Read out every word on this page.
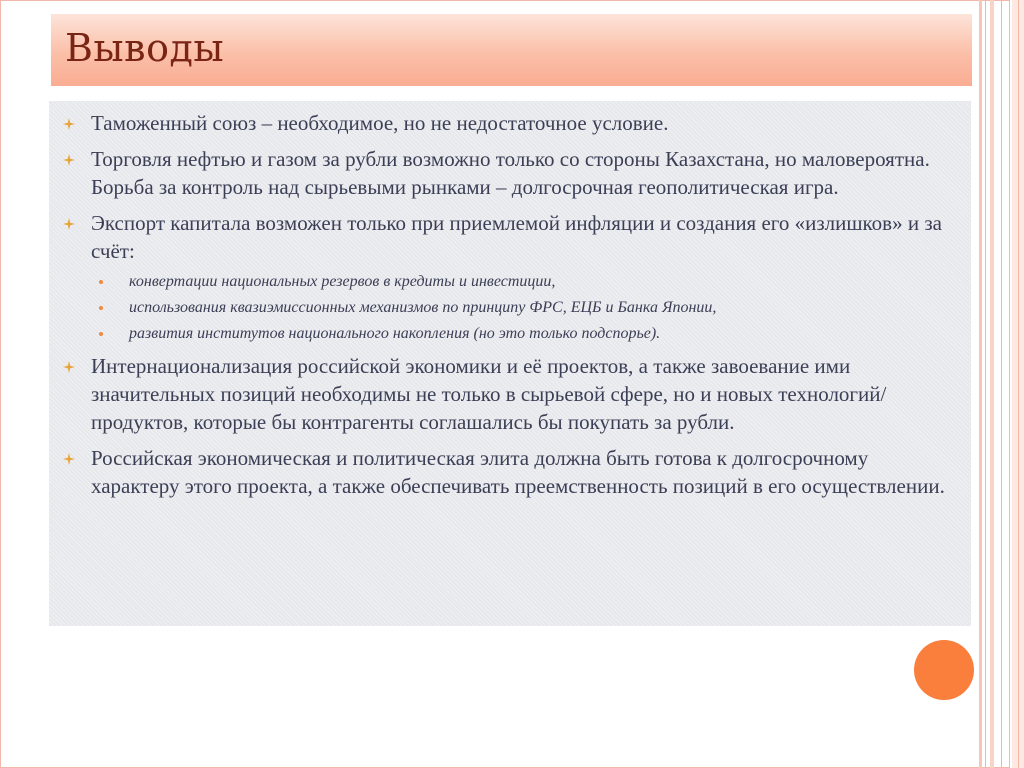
Выводы
Таможенный союз – необходимое, но не недостаточное условие.
Торговля нефтью и газом за рубли возможно только со стороны Казахстана, но маловероятна. Борьба за контроль над сырьевыми рынками – долгосрочная геополитическая игра.
Экспорт капитала возможен только при приемлемой инфляции и создания его «излишков» и за счёт:
конвертации национальных резервов в кредиты и инвестиции,
использования квазиэмиссионных механизмов по принципу ФРС, ЕЦБ и Банка Японии,
развития институтов национального накопления (но это только подспорье).
Интернационализация российской экономики и её проектов, а также завоевание ими значительных позиций необходимы не только в сырьевой сфере, но и новых технологий/продуктов, которые бы контрагенты соглашались бы покупать за рубли.
Российская экономическая и политическая элита должна быть готова к долгосрочному характеру этого проекта, а также обеспечивать преемственность позиций в его осуществлении.
